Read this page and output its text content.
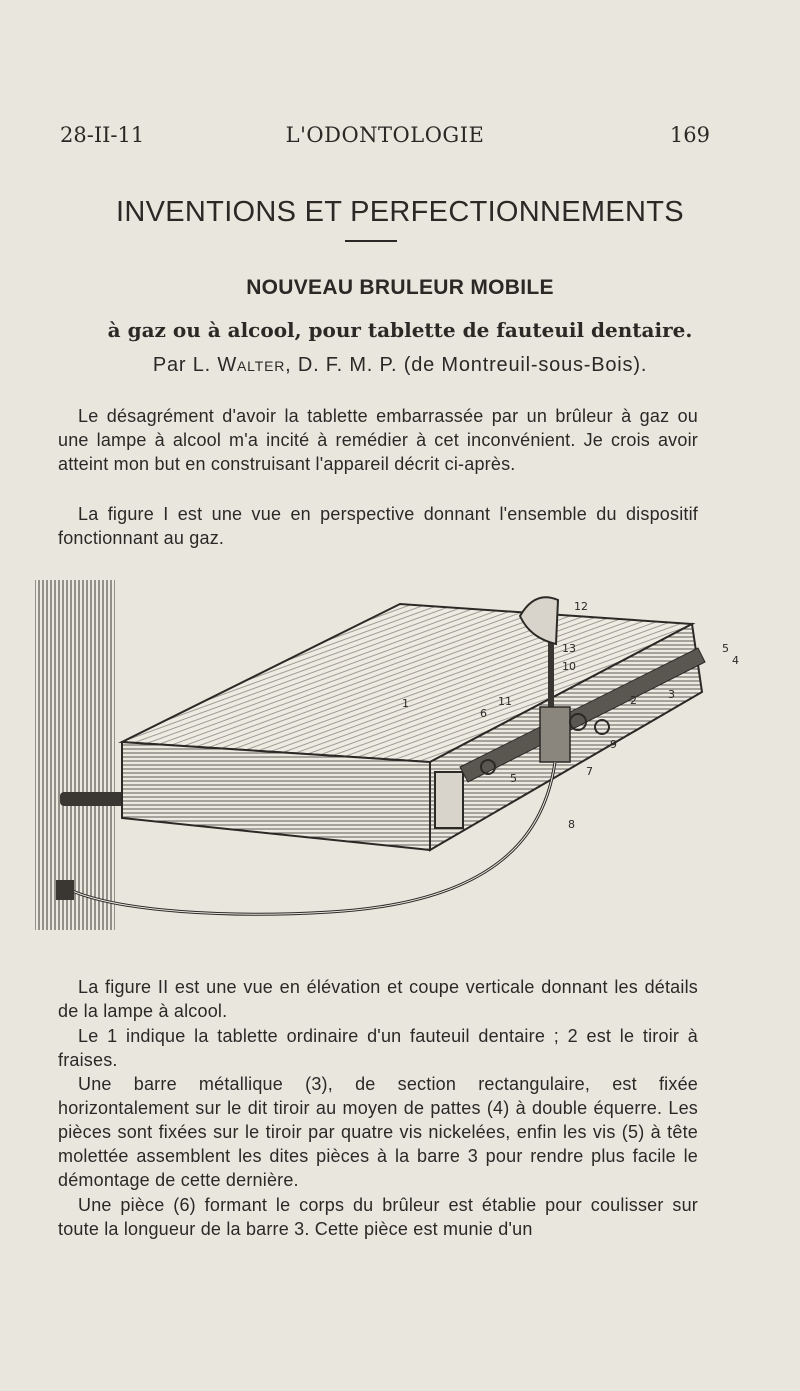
28-II-11	L'ODONTOLOGIE	169
INVENTIONS ET PERFECTIONNEMENTS
NOUVEAU BRULEUR MOBILE
à gaz ou à alcool, pour tablette de fauteuil dentaire.
Par L. Walter, D. F. M. P. (de Montreuil-sous-Bois).
Le désagrément d'avoir la tablette embarrassée par un brûleur à gaz ou une lampe à alcool m'a incité à remédier à cet inconvénient. Je crois avoir atteint mon but en construisant l'appareil décrit ci-après.
La figure I est une vue en perspective donnant l'ensemble du dispositif fonctionnant au gaz.
1	2	3
4
5
5
6
7
8
9
10
11
12
13
La figure II est une vue en élévation et coupe verticale donnant les détails de la lampe à alcool.
Le 1 indique la tablette ordinaire d'un fauteuil dentaire ; 2 est le tiroir à fraises.
Une barre métallique (3), de section rectangulaire, est fixée horizontalement sur le dit tiroir au moyen de pattes (4) à double équerre. Les pièces sont fixées sur le tiroir par quatre vis nickelées, enfin les vis (5) à tête molettée assemblent les dites pièces à la barre 3 pour rendre plus facile le démontage de cette dernière.
Une pièce (6) formant le corps du brûleur est établie pour coulisser sur toute la longueur de la barre 3. Cette pièce est munie d'un
